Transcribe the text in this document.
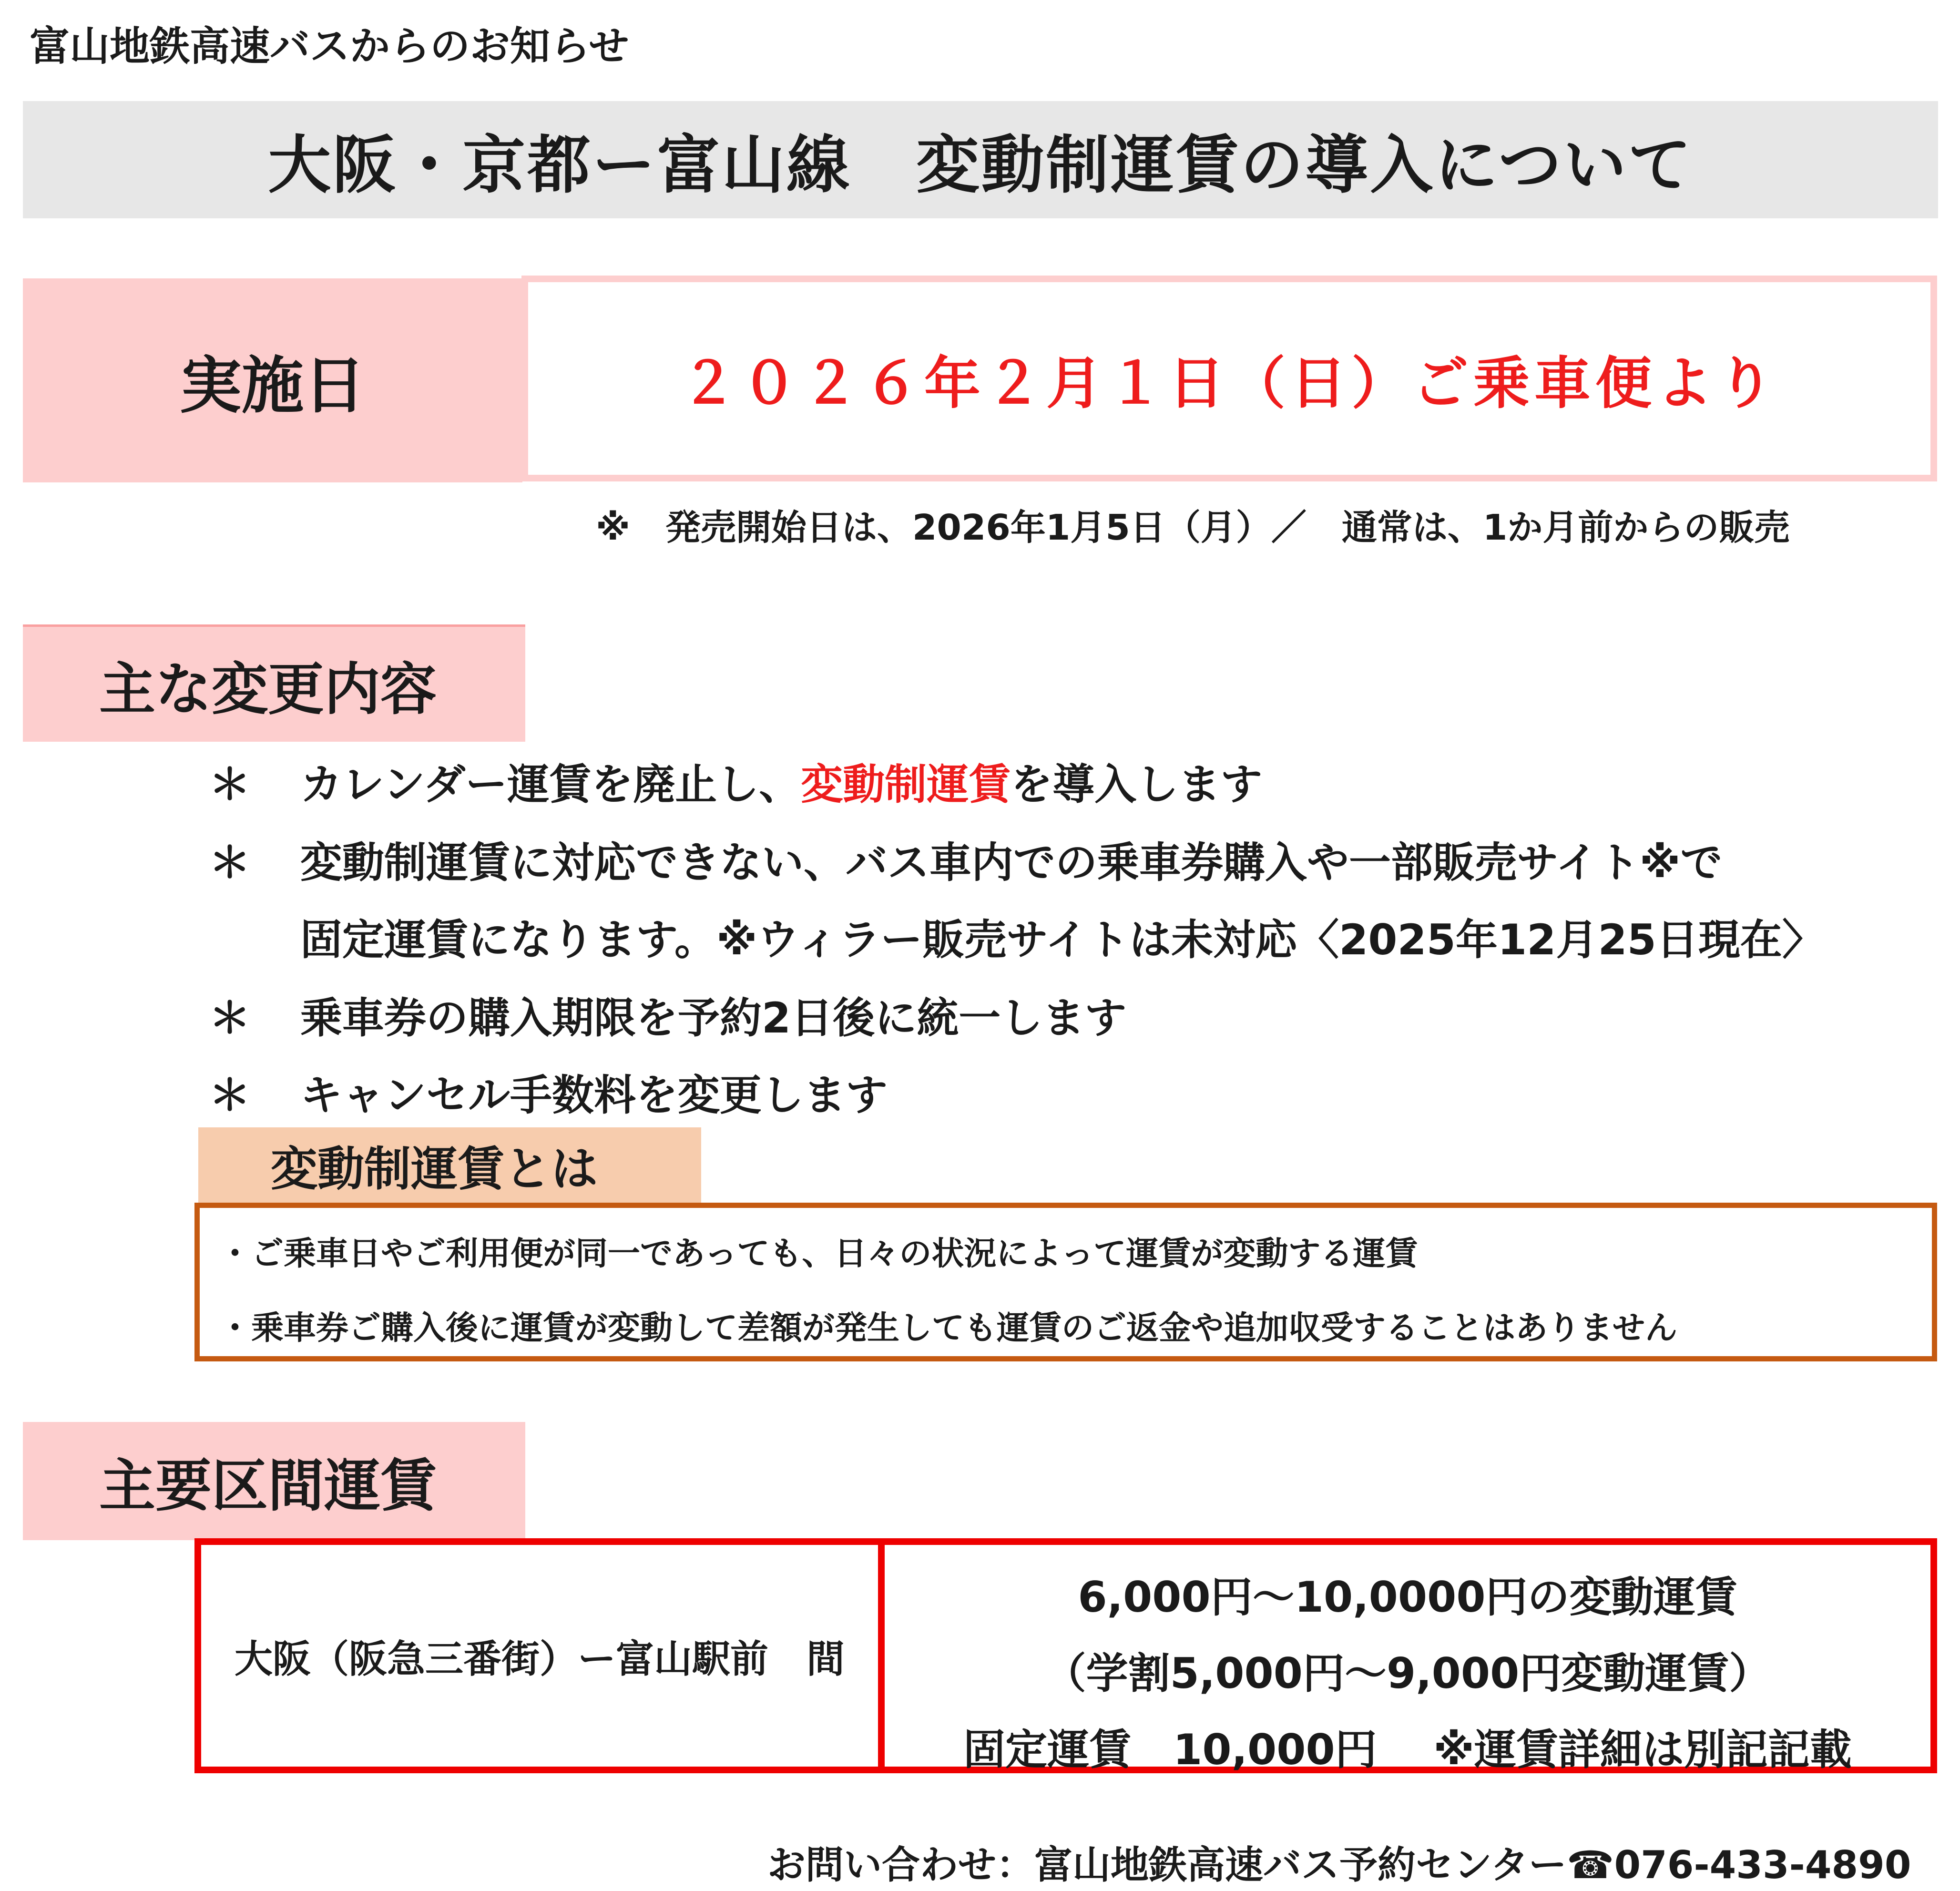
富山地鉄高速バスからのお知らせ
大阪・京都ー富山線　変動制運賃の導入について
実施日	２０２６年２月１日（日）ご乗車便より
※　発売開始日は、2026年1月5日（月）／　通常は、1か月前からの販売
主な変更内容
＊ カレンダー運賃を廃止し、変動制運賃を導入します
＊ 変動制運賃に対応できない、バス車内での乗車券購入や一部販売サイト※で
固定運賃になります。※ウィラー販売サイトは未対応〈2025年12月25日現在〉
＊ 乗車券の購入期限を予約2日後に統一します
＊ キャンセル手数料を変更します
変動制運賃とは
・ご乗車日やご利用便が同一であっても、日々の状況によって運賃が変動する運賃
・乗車券ご購入後に運賃が変動して差額が発生しても運賃のご返金や追加収受することはありません
主要区間運賃
大阪（阪急三番街）ー富山駅前　間
6,000円～10,0000円の変動運賃
（学割5,000円～9,000円変動運賃）
固定運賃　10,000円　 ※運賃詳細は別記記載
お問い合わせ：富山地鉄高速バス予約センター☎076-433-4890
